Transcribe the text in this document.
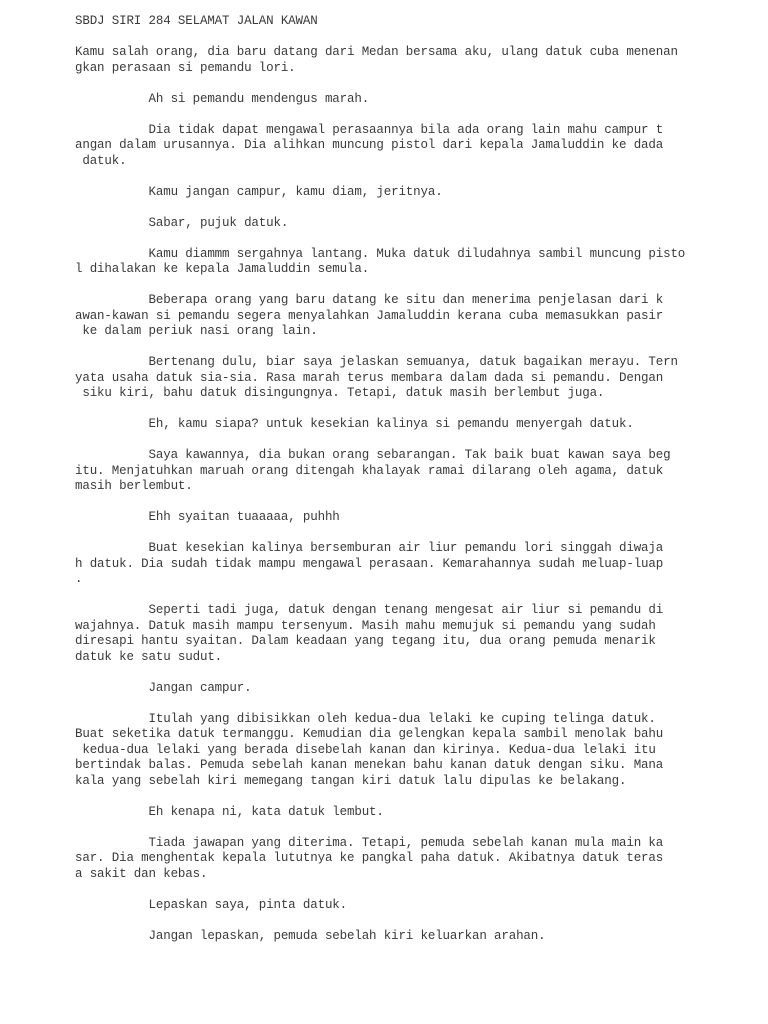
SBDJ SIRI 284 SELAMAT JALAN KAWAN
Kamu salah orang, dia baru datang dari Medan bersama aku, ulang datuk cuba menenan
gkan perasaan si pemandu lori.
Ah si pemandu mendengus marah.
Dia tidak dapat mengawal perasaannya bila ada orang lain mahu campur t
angan dalam urusannya. Dia alihkan muncung pistol dari kepala Jamaluddin ke dada
datuk.
Kamu jangan campur, kamu diam, jeritnya.
Sabar, pujuk datuk.
Kamu diammm sergahnya lantang. Muka datuk diludahnya sambil muncung pisto
l dihalakan ke kepala Jamaluddin semula.
Beberapa orang yang baru datang ke situ dan menerima penjelasan dari k
awan-kawan si pemandu segera menyalahkan Jamaluddin kerana cuba memasukkan pasir
ke dalam periuk nasi orang lain.
Bertenang dulu, biar saya jelaskan semuanya, datuk bagaikan merayu. Tern
yata usaha datuk sia-sia. Rasa marah terus membara dalam dada si pemandu. Dengan
siku kiri, bahu datuk disingungnya. Tetapi, datuk masih berlembut juga.
Eh, kamu siapa? untuk kesekian kalinya si pemandu menyergah datuk.
Saya kawannya, dia bukan orang sebarangan. Tak baik buat kawan saya beg
itu. Menjatuhkan maruah orang ditengah khalayak ramai dilarang oleh agama, datuk
masih berlembut.
Ehh syaitan tuaaaaa, puhhh
Buat kesekian kalinya bersemburan air liur pemandu lori singgah diwaja
h datuk. Dia sudah tidak mampu mengawal perasaan. Kemarahannya sudah meluap-luap
.
Seperti tadi juga, datuk dengan tenang mengesat air liur si pemandu di
wajahnya. Datuk masih mampu tersenyum. Masih mahu memujuk si pemandu yang sudah
diresapi hantu syaitan. Dalam keadaan yang tegang itu, dua orang pemuda menarik
datuk ke satu sudut.
Jangan campur.
Itulah yang dibisikkan oleh kedua-dua lelaki ke cuping telinga datuk.
Buat seketika datuk termanggu. Kemudian dia gelengkan kepala sambil menolak bahu
kedua-dua lelaki yang berada disebelah kanan dan kirinya. Kedua-dua lelaki itu
bertindak balas. Pemuda sebelah kanan menekan bahu kanan datuk dengan siku. Mana
kala yang sebelah kiri memegang tangan kiri datuk lalu dipulas ke belakang.
Eh kenapa ni, kata datuk lembut.
Tiada jawapan yang diterima. Tetapi, pemuda sebelah kanan mula main ka
sar. Dia menghentak kepala lututnya ke pangkal paha datuk. Akibatnya datuk teras
a sakit dan kebas.
Lepaskan saya, pinta datuk.
Jangan lepaskan, pemuda sebelah kiri keluarkan arahan.
